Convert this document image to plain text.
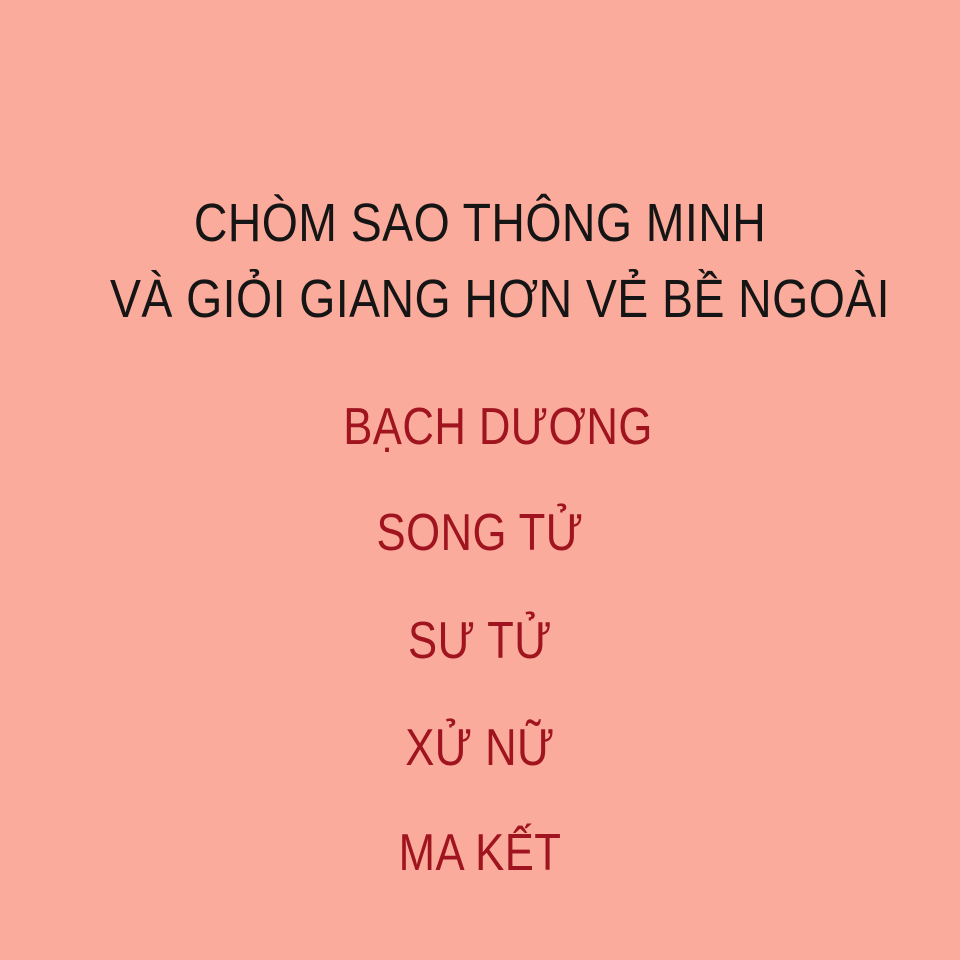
CHÒM SAO THÔNG MINH
VÀ GIỎI GIANG HƠN VẺ BỀ NGOÀI
BẠCH DƯƠNG
SONG TỬ
SƯ TỬ
XỬ NỮ
MA KẾT
